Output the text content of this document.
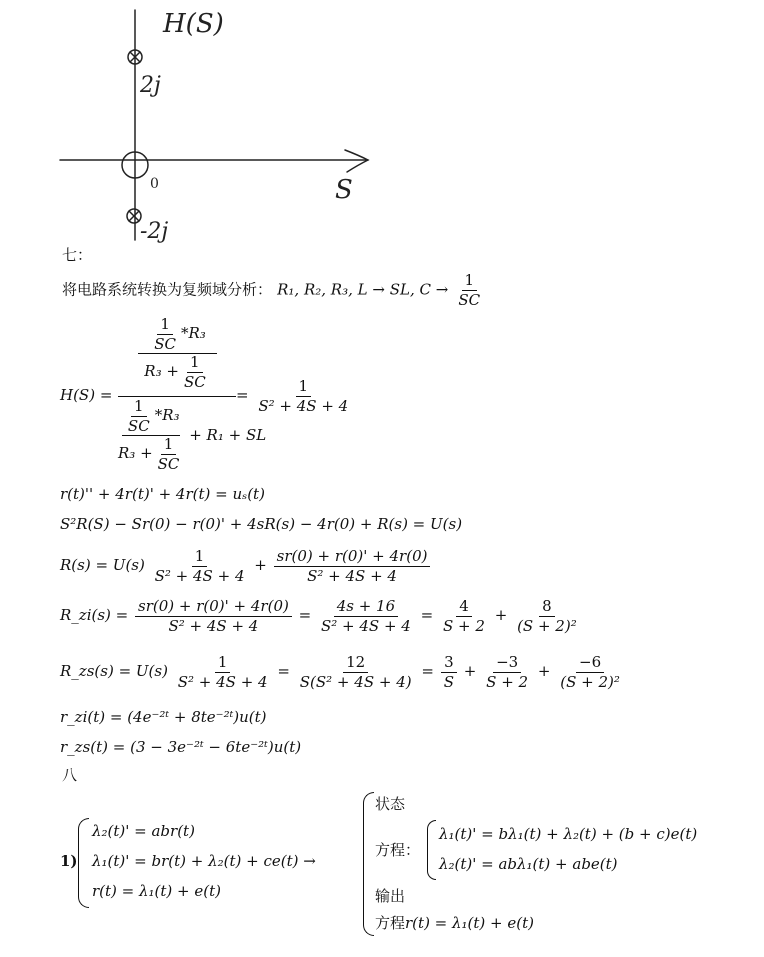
H(S)
2j
0
-2j
S
七：
将电路系统转换为复频域分析： R₁, R₂, R₃, L → SL, $C \to \frac{1}{SC}$
H(S) =
$\frac{1}{SC} *R_3$
$R_3 + \frac{1}{SC}$
$\frac{\frac{1}{SC} *R_3}{R_3 + \frac{1}{SC}} + R_1$ + SL
= $\frac{1}{\text{S² + 4S + 4}}$
r(t)'' + 4r(t)' + 4r(t) = uₛ(t)
S²R(S) − Sr(0) − r(0)' + 4sR(s) − 4r(0) + R(s) = U(s)
$R(s) = U(s) \frac{1}{\text{S² + 4S + 4}} + \frac{sr(0) + r(0)' + 4r(0)}{\text{S² + 4S + 4}}$
R_zi(s) = $\frac{sr(0) + r(0)' + 4r(0)}{\text{S² + 4S + 4}} = \frac{4s + 16}{\text{S² + 4S + 4}} = \frac{4}{S + 2} + \frac{8}{\text{(S + 2)²}}$
R_zs(s) = $U(s) \frac{1}{\text{S² + 4S + 4}} = \frac{12}{\text{S(S² + 4S + 4)}} = \frac{3}{S} + \frac{-3}{S + 2} + \frac{-6}{\text{(S + 2)²}}$
r_zi(t) = (4e⁻²ᵗ + 8te⁻²ᵗ)u(t)
r_zs(t) = (3 − 3e⁻²ᵗ − 6te⁻²ᵗ)u(t)
八
1)
λ₂(t)' = abr(t)
λ₁(t)' = br(t) + λ₂(t) + ce(t) →
r(t) = λ₁(t) + e(t)
状态
方程：
λ₁(t)' = bλ₁(t) + λ₂(t) + (b + c)e(t)
λ₂(t)' = abλ₁(t) + abe(t)
输出
方程r(t) = λ₁(t) + e(t)
